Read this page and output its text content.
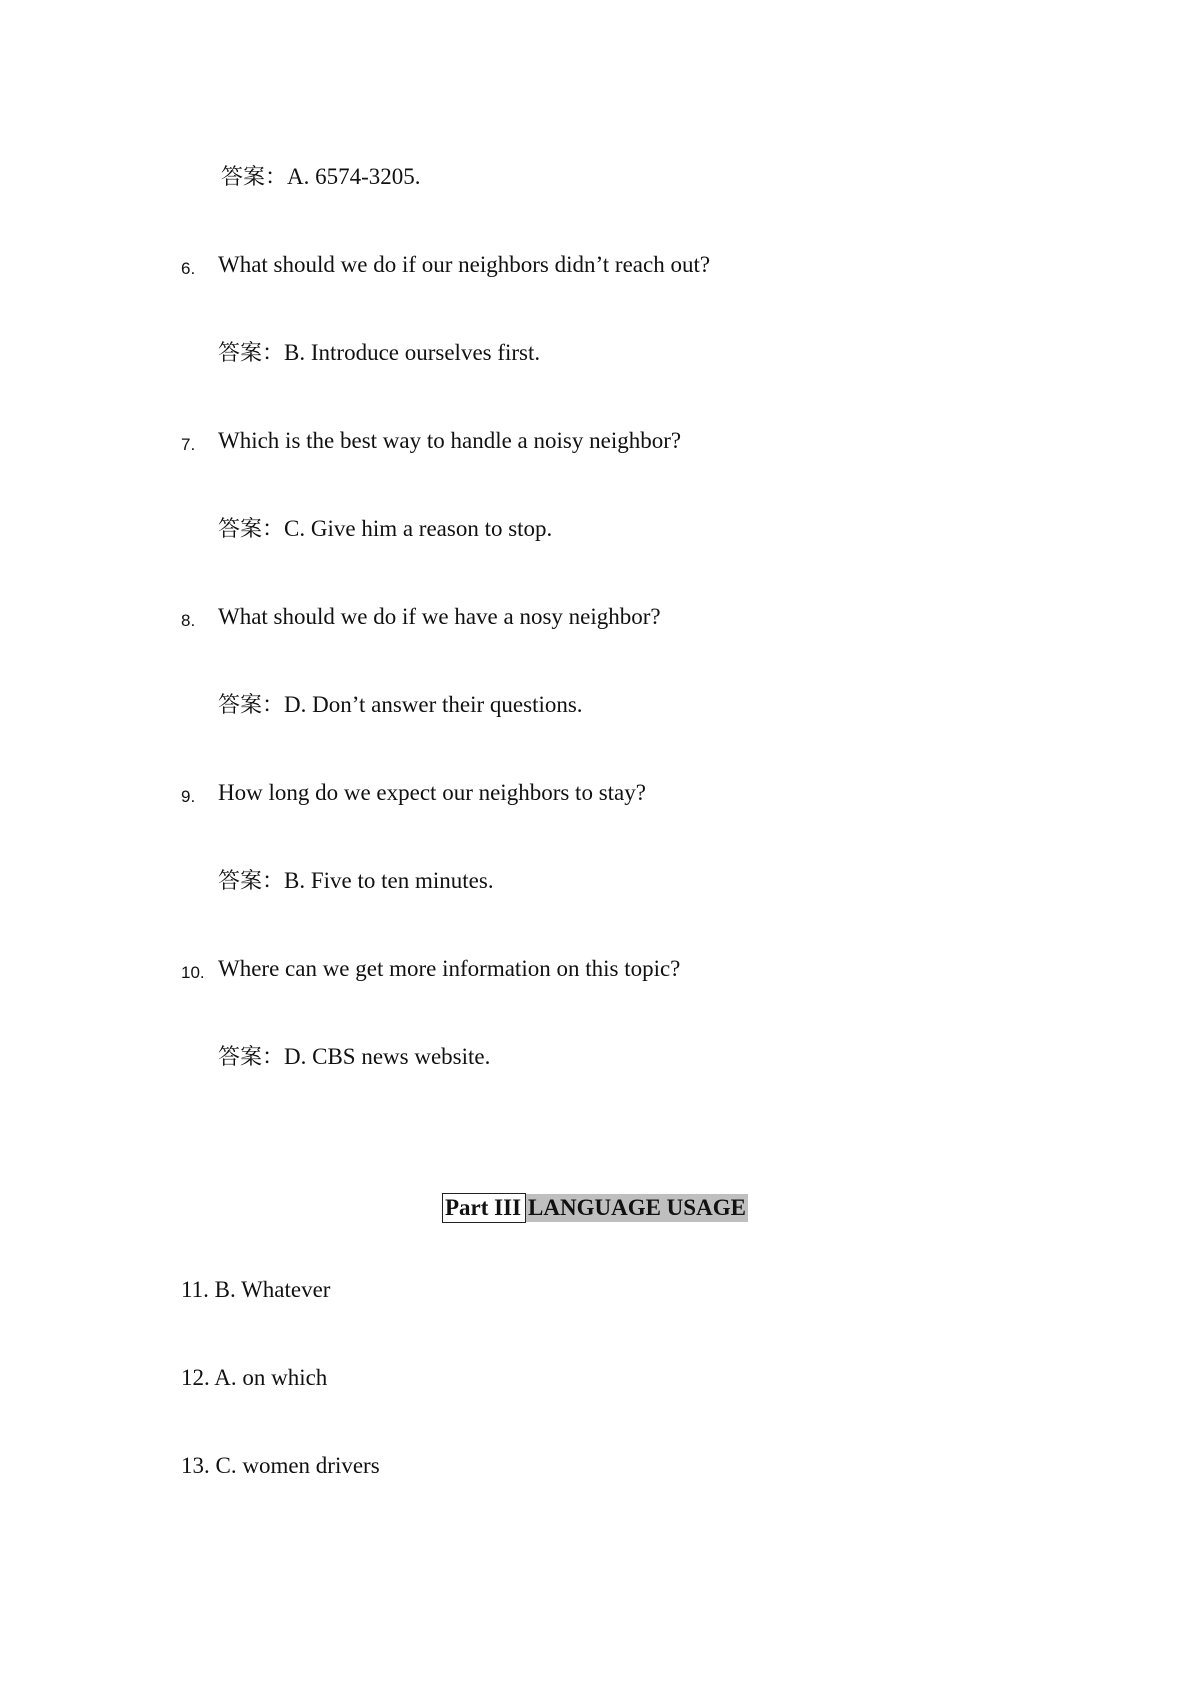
答案：A. 6574-3205.
6. What should we do if our neighbors didn’t reach out?
答案：B. Introduce ourselves first.
7. Which is the best way to handle a noisy neighbor?
答案：C. Give him a reason to stop.
8. What should we do if we have a nosy neighbor?
答案：D. Don’t answer their questions.
9. How long do we expect our neighbors to stay?
答案：B. Five to ten minutes.
10. Where can we get more information on this topic?
答案：D. CBS news website.
Part III LANGUAGE USAGE
11. B. Whatever
12. A. on which
13. C. women drivers
